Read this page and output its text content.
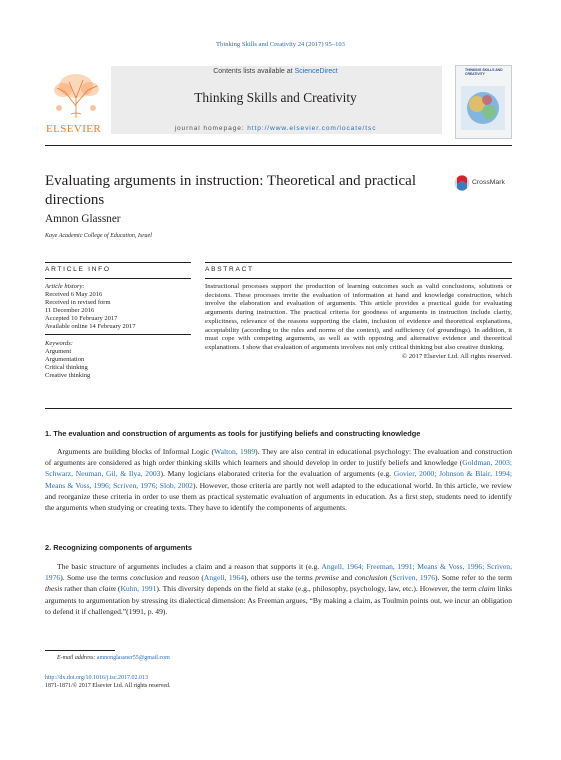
Thinking Skills and Creativity 24 (2017) 95–103
ELSEVIER
Contents lists available at ScienceDirect
Thinking Skills and Creativity
journal homepage: http://www.elsevier.com/locate/tsc
THINKING SKILLS AND CREATIVITY
Evaluating arguments in instruction: Theoretical and practical directions
CrossMark
Amnon Glassner
Kaye Academic College of Education, Israel
ARTICLE INFO	ABSTRACT
Article history:
Received 6 May 2016
Received in revised form
11 December 2016
Accepted 10 February 2017
Available online 14 February 2017
Keywords:
Argument
Argumentation
Critical thinking
Creative thinking
Instructional processes support the production of learning outcomes such as valid conclusions, solutions or decisions. These processes invite the evaluation of information at hand and knowledge construction, which involve the elaboration and evaluation of arguments. This article provides a practical guide for evaluating arguments during instruction. The practical criteria for goodness of arguments in instruction include clarity, explicitness, relevance of the reasons supporting the claim, inclusion of evidence and theoretical explanations, acceptability (according to the rules and norms of the context), and sufficiency (of groundings). In addition, it must cope with competing arguments, as well as with opposing and alternative evidence and theoretical explanations. I show that evaluation of arguments involves not only critical thinking but also creative thinking.
© 2017 Elsevier Ltd. All rights reserved.
1. The evaluation and construction of arguments as tools for justifying beliefs and constructing knowledge
Arguments are building blocks of Informal Logic (Walton, 1989). They are also central in educational psychology: The evaluation and construction of arguments are considered as high order thinking skills which learners and should develop in order to justify beliefs and knowledge (Goldman, 2003; Schwarz, Neuman, Gil, & Ilya, 2003). Many logicians elaborated criteria for the evaluation of arguments (e.g. Govier, 2000; Johnson & Blair, 1994; Means & Voss, 1996; Scriven, 1976; Slob, 2002). However, those criteria are partly not well adapted to the educational world. In this article, we review and reorganize these criteria in order to use them as practical systematic evaluation of arguments in education. As a first step, students need to identify the arguments when studying or creating texts. They have to identify the components of arguments.
2. Recognizing components of arguments
The basic structure of arguments includes a claim and a reason that supports it (e.g. Angell, 1964; Freeman, 1991; Means & Voss, 1996; Scriven, 1976). Some use the terms conclusion and reason (Angell, 1964), others use the terms premise and conclusion (Scriven, 1976). Some refer to the term thesis rather than claim (Kuhn, 1991). This diversity depends on the field at stake (e.g., philosophy, psychology, law, etc.). However, the term claim links arguments to argumentation by stressing its dialectical dimension: As Freeman argues, “By making a claim, as Toulmin points out, we incur an obligation to defend it if challenged.”(1991, p. 49).
E-mail address: amnonglassner55@gmail.com
http://dx.doi.org/10.1016/j.tsc.2017.02.013
1871-1871/© 2017 Elsevier Ltd. All rights reserved.
